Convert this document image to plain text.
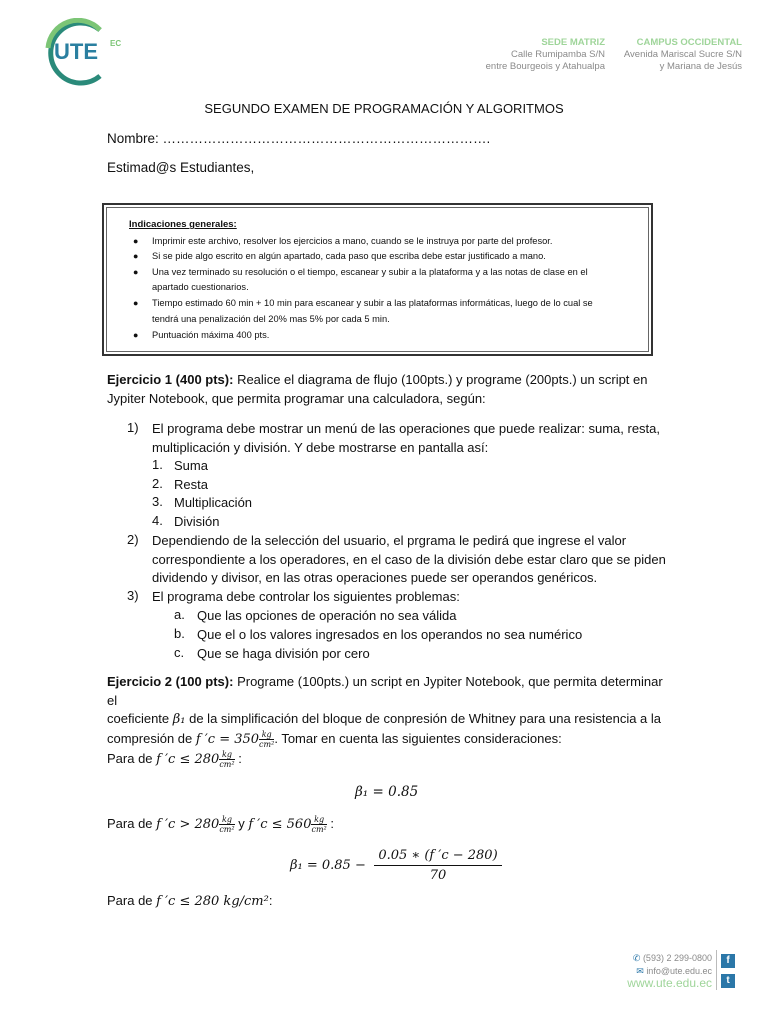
UTE EC	SEDE MATRIZ
Calle Rumipamba S/N
entre Bourgeois y Atahualpa
CAMPUS OCCIDENTAL
Avenida Mariscal Sucre S/N
y Mariana de Jesús
SEGUNDO EXAMEN DE PROGRAMACIÓN Y ALGORITMOS
Nombre: ……………………………………………………………….
Estimad@s Estudiantes,
Indicaciones generales:
● Imprimir este archivo, resolver los ejercicios a mano, cuando se le instruya por parte del profesor.
● Si se pide algo escrito en algún apartado, cada paso que escriba debe estar justificado a mano.
● Una vez terminado su resolución o el tiempo, escanear y subir a la plataforma y a las notas de clase en el
apartado cuestionarios.
● Tiempo estimado 60 min + 10 min para escanear y subir a las plataformas informáticas, luego de lo cual se
tendrá una penalización del 20% mas 5% por cada 5 min.
● Puntuación máxima 400 pts.
Ejercicio 1 (400 pts): Realice el diagrama de flujo (100pts.) y programe (200pts.) un script en
Jypiter Notebook, que permita programar una calculadora, según:
1) El programa debe mostrar un menú de las operaciones que puede realizar: suma, resta,
multiplicación y división. Y debe mostrarse en pantalla así:
1. Suma
2. Resta
3. Multiplicación
4. División
2) Dependiendo de la selección del usuario, el prgrama le pedirá que ingrese el valor
correspondiente a los operadores, en el caso de la división debe estar claro que se piden
dividendo y divisor, en las otras operaciones puede ser operandos genéricos.
3) El programa debe controlar los siguientes problemas:
a. Que las opciones de operación no sea válida
b. Que el o los valores ingresados en los operandos no sea numérico
c. Que se haga división por cero
Ejercicio 2 (100 pts): Programe (100pts.) un script en Jypiter Notebook, que permita determinar el
coeficiente β₁ de la simplificación del bloque de conpresión de Whitney para una resistencia a la
compresión de f $'c = 350 \frac{kg}{\text{cm²}}$ . Tomar en cuenta las siguientes consideraciones:
Para de f $'c \le 280 \frac{kg}{\text{cm²}}$ :
β₁ = 0.85
Para de f $'c > 280 \frac{kg}{\text{cm²}}$ y f $'c \le 560 \frac{kg}{\text{cm²}}$ :
$\beta_1 = 0.85 - \frac{0.05 ∗ (f 'c - 280)}{70}$
Para de f ′c ≤ 280 kg/cm²:
✆ (593) 2 299-0800
✉ info@ute.edu.ec
www.ute.edu.ec
f
t
